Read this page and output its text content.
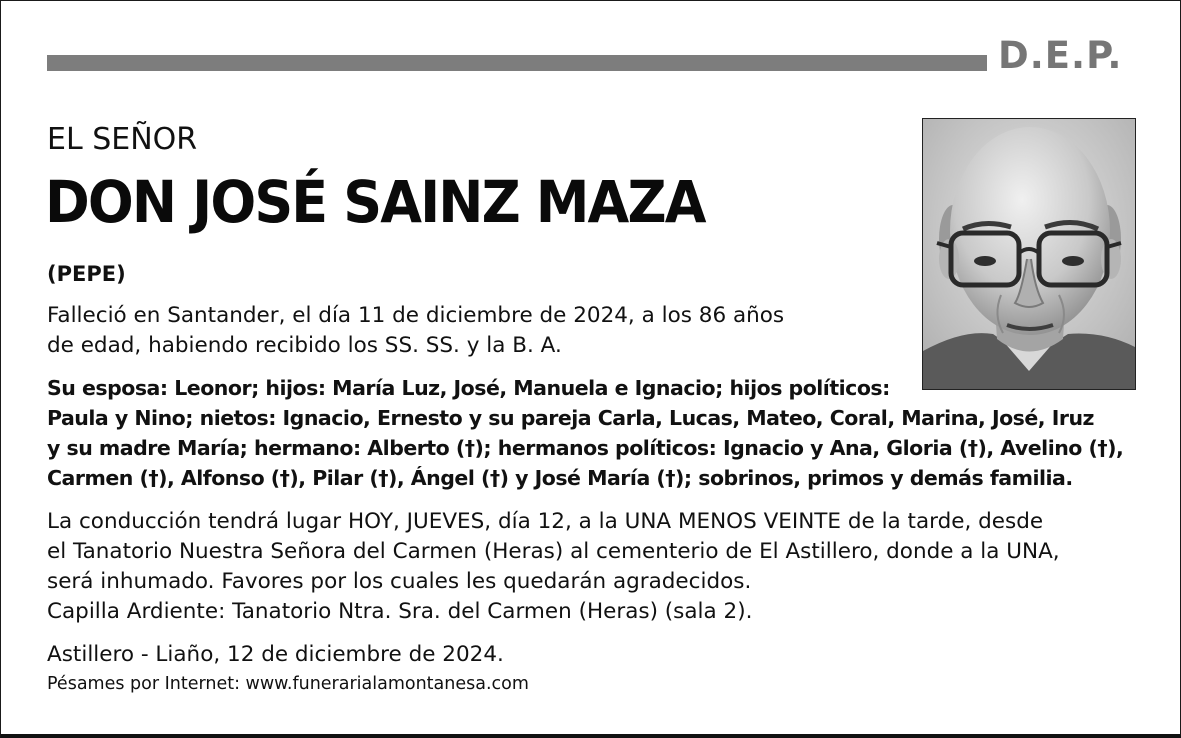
D.E.P.
EL SEÑOR
DON JOSÉ SAINZ MAZA
(PEPE)
Falleció en Santander, el día 11 de diciembre de 2024, a los 86 años
de edad, habiendo recibido los SS. SS. y la B. A.
Su esposa: Leonor; hijos: María Luz, José, Manuela e Ignacio; hijos políticos:
Paula y Nino; nietos: Ignacio, Ernesto y su pareja Carla, Lucas, Mateo, Coral, Marina, José, Iruz
y su madre María; hermano: Alberto (†); hermanos políticos: Ignacio y Ana, Gloria (†), Avelino (†),
Carmen (†), Alfonso (†), Pilar (†), Ángel (†) y José María (†); sobrinos, primos y demás familia.
La conducción tendrá lugar HOY, JUEVES, día 12, a la UNA MENOS VEINTE de la tarde, desde
el Tanatorio Nuestra Señora del Carmen (Heras) al cementerio de El Astillero, donde a la UNA,
será inhumado. Favores por los cuales les quedarán agradecidos.
Capilla Ardiente: Tanatorio Ntra. Sra. del Carmen (Heras) (sala 2).
Astillero - Liaño, 12 de diciembre de 2024.
Pésames por Internet: www.funerarialamontanesa.com
